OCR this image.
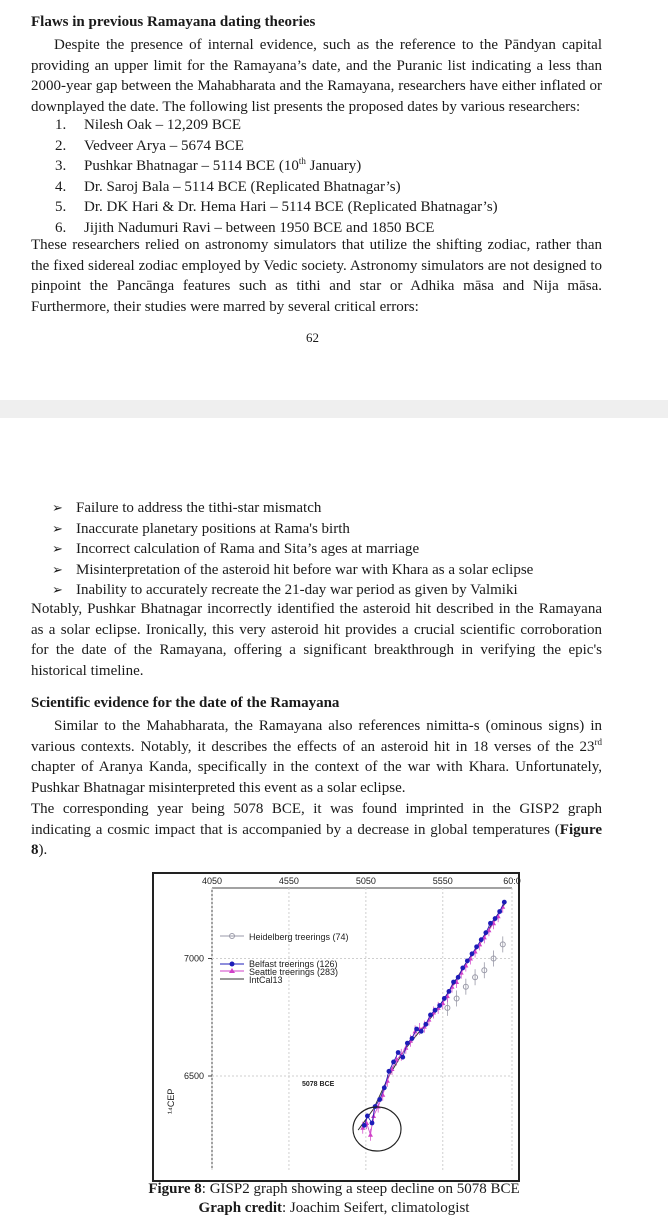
Flaws in previous Ramayana dating theories

Despite the presence of internal evidence, such as the reference to the Pāndyan capital providing an upper limit for the Ramayana’s date, and the Puranic list indicating a less than 2000-year gap between the Mahabharata and the Ramayana, researchers have either inflated or downplayed the date. The following list presents the proposed dates by various researchers:

1. Nilesh Oak – 12,209 BCE
2. Vedveer Arya – 5674 BCE
3. Pushkar Bhatnagar – 5114 BCE (10th January)
4. Dr. Saroj Bala – 5114 BCE (Replicated Bhatnagar’s)
5. Dr. DK Hari & Dr. Hema Hari – 5114 BCE (Replicated Bhatnagar’s)
6. Jijith Nadumuri Ravi – between 1950 BCE and 1850 BCE

These researchers relied on astronomy simulators that utilize the shifting zodiac, rather than the fixed sidereal zodiac employed by Vedic society. Astronomy simulators are not designed to pinpoint the Pancānga features such as tithi and star or Adhika māsa and Nija māsa. Furthermore, their studies were marred by several critical errors:

62
➢ Failure to address the tithi-star mismatch
➢ Inaccurate planetary positions at Rama's birth
➢ Incorrect calculation of Rama and Sita’s ages at marriage
➢ Misinterpretation of the asteroid hit before war with Khara as a solar eclipse
➢ Inability to accurately recreate the 21-day war period as given by Valmiki

Notably, Pushkar Bhatnagar incorrectly identified the asteroid hit described in the Ramayana as a solar eclipse. Ironically, this very asteroid hit provides a crucial scientific corroboration for the date of the Ramayana, offering a significant breakthrough in verifying the epic's historical timeline.

Scientific evidence for the date of the Ramayana

Similar to the Mahabharata, the Ramayana also references nimitta-s (ominous signs) in various contexts. Notably, it describes the effects of an asteroid hit in 18 verses of the 23rd chapter of Aranya Kanda, specifically in the context of the war with Khara. Unfortunately, Pushkar Bhatnagar misinterpreted this event as a solar eclipse.

The corresponding year being 5078 BCE, it was found imprinted in the GISP2 graph indicating a cosmic impact that is accompanied by a decrease in global temperatures (Figure 8).

4050	4550	5050	5550	60:0
7000
6500
Heidelberg treerings (74)
Belfast treerings (126)
Seattle treerings (283)
IntCal13
5078 BCE
¹⁴CEP
Figure 8: GISP2 graph showing a steep decline on 5078 BCE
Graph credit: Joachim Seifert, climatologist
